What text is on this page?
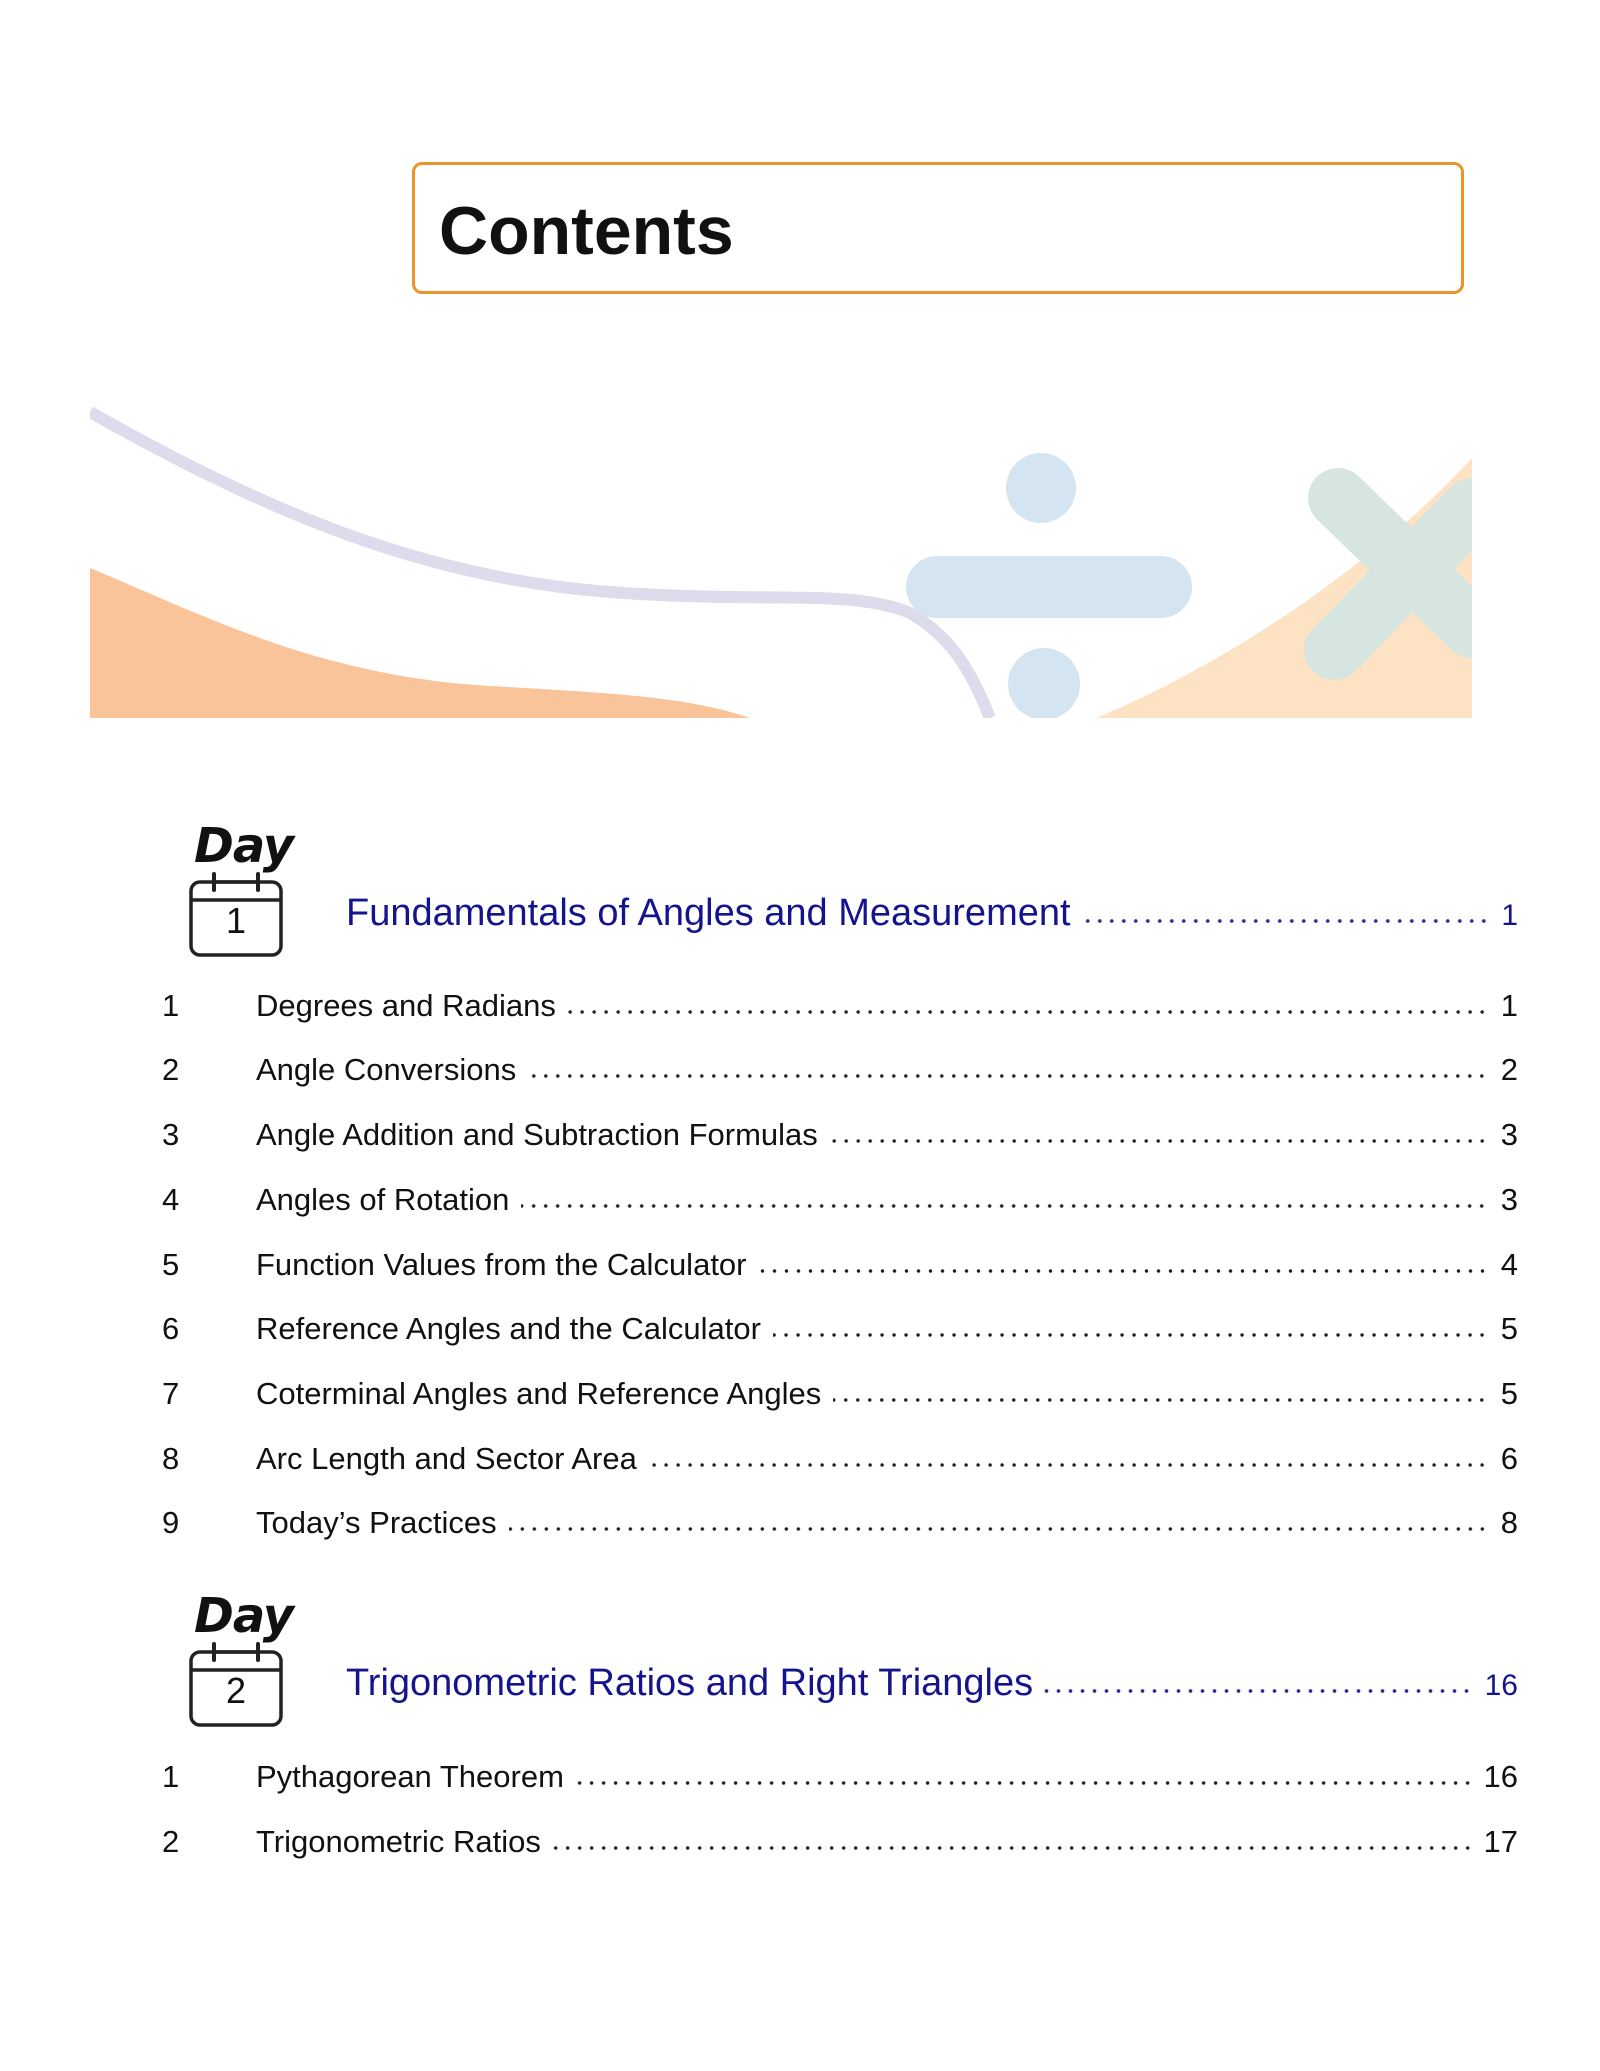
Contents
Day
1	Fundamentals of Angles and Measurement	1
1	Degrees and Radians	1
2	Angle Conversions	2
3	Angle Addition and Subtraction Formulas	3
4	Angles of Rotation	3
5	Function Values from the Calculator	4
6	Reference Angles and the Calculator	5
7	Coterminal Angles and Reference Angles	5
8	Arc Length and Sector Area	6
9	Today’s Practices	8
Day
2	Trigonometric Ratios and Right Triangles	16
1	Pythagorean Theorem	16
2	Trigonometric Ratios	17
